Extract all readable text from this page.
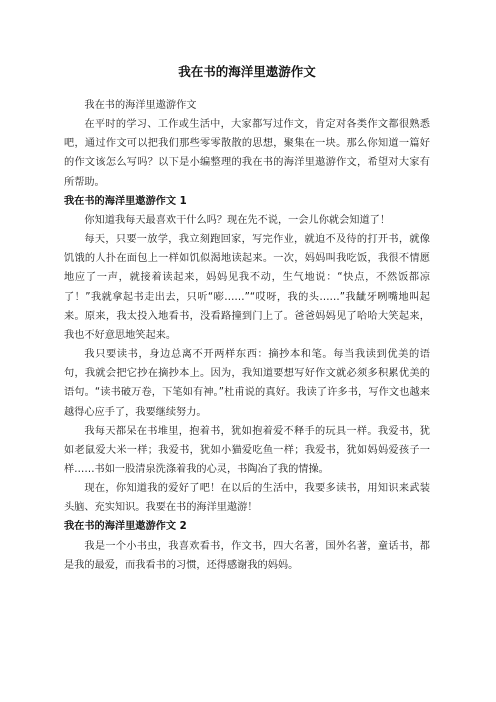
我在书的海洋里遨游作文

我在书的海洋里遨游作文

在平时的学习、工作或生活中，大家都写过作文，肯定对各类作文都很熟悉吧，通过作文可以把我们那些零零散散的思想，聚集在一块。那么你知道一篇好的作文该怎么写吗？以下是小编整理的我在书的海洋里遨游作文，希望对大家有所帮助。

我在书的海洋里遨游作文 1

你知道我每天最喜欢干什么吗？现在先不说，一会儿你就会知道了！

每天，只要一放学，我立刻跑回家，写完作业，就迫不及待的打开书，就像饥饿的人扑在面包上一样如饥似渴地读起来。一次，妈妈叫我吃饭，我很不情愿地应了一声，就接着读起来，妈妈见我不动，生气地说：“快点，不然饭都凉了！”我就拿起书走出去，只听“嘭……”“哎呀，我的头……”我龇牙咧嘴地叫起来。原来，我太投入地看书，没看路撞到门上了。爸爸妈妈见了哈哈大笑起来，我也不好意思地笑起来。

我只要读书，身边总离不开两样东西：摘抄本和笔。每当我读到优美的语句，我就会把它抄在摘抄本上。因为，我知道要想写好作文就必须多积累优美的语句。“读书破万卷，下笔如有神。”杜甫说的真好。我读了许多书，写作文也越来越得心应手了，我要继续努力。

我每天都呆在书堆里，抱着书，犹如抱着爱不释手的玩具一样。我爱书，犹如老鼠爱大米一样；我爱书，犹如小猫爱吃鱼一样；我爱书，犹如妈妈爱孩子一样……书如一股清泉洗涤着我的心灵，书陶冶了我的情操。

现在，你知道我的爱好了吧！在以后的生活中，我要多读书，用知识来武装头脑、充实知识。我要在书的海洋里遨游！

我在书的海洋里遨游作文 2

我是一个小书虫，我喜欢看书，作文书，四大名著，国外名著，童话书，都是我的最爱，而我看书的习惯，还得感谢我的妈妈。
